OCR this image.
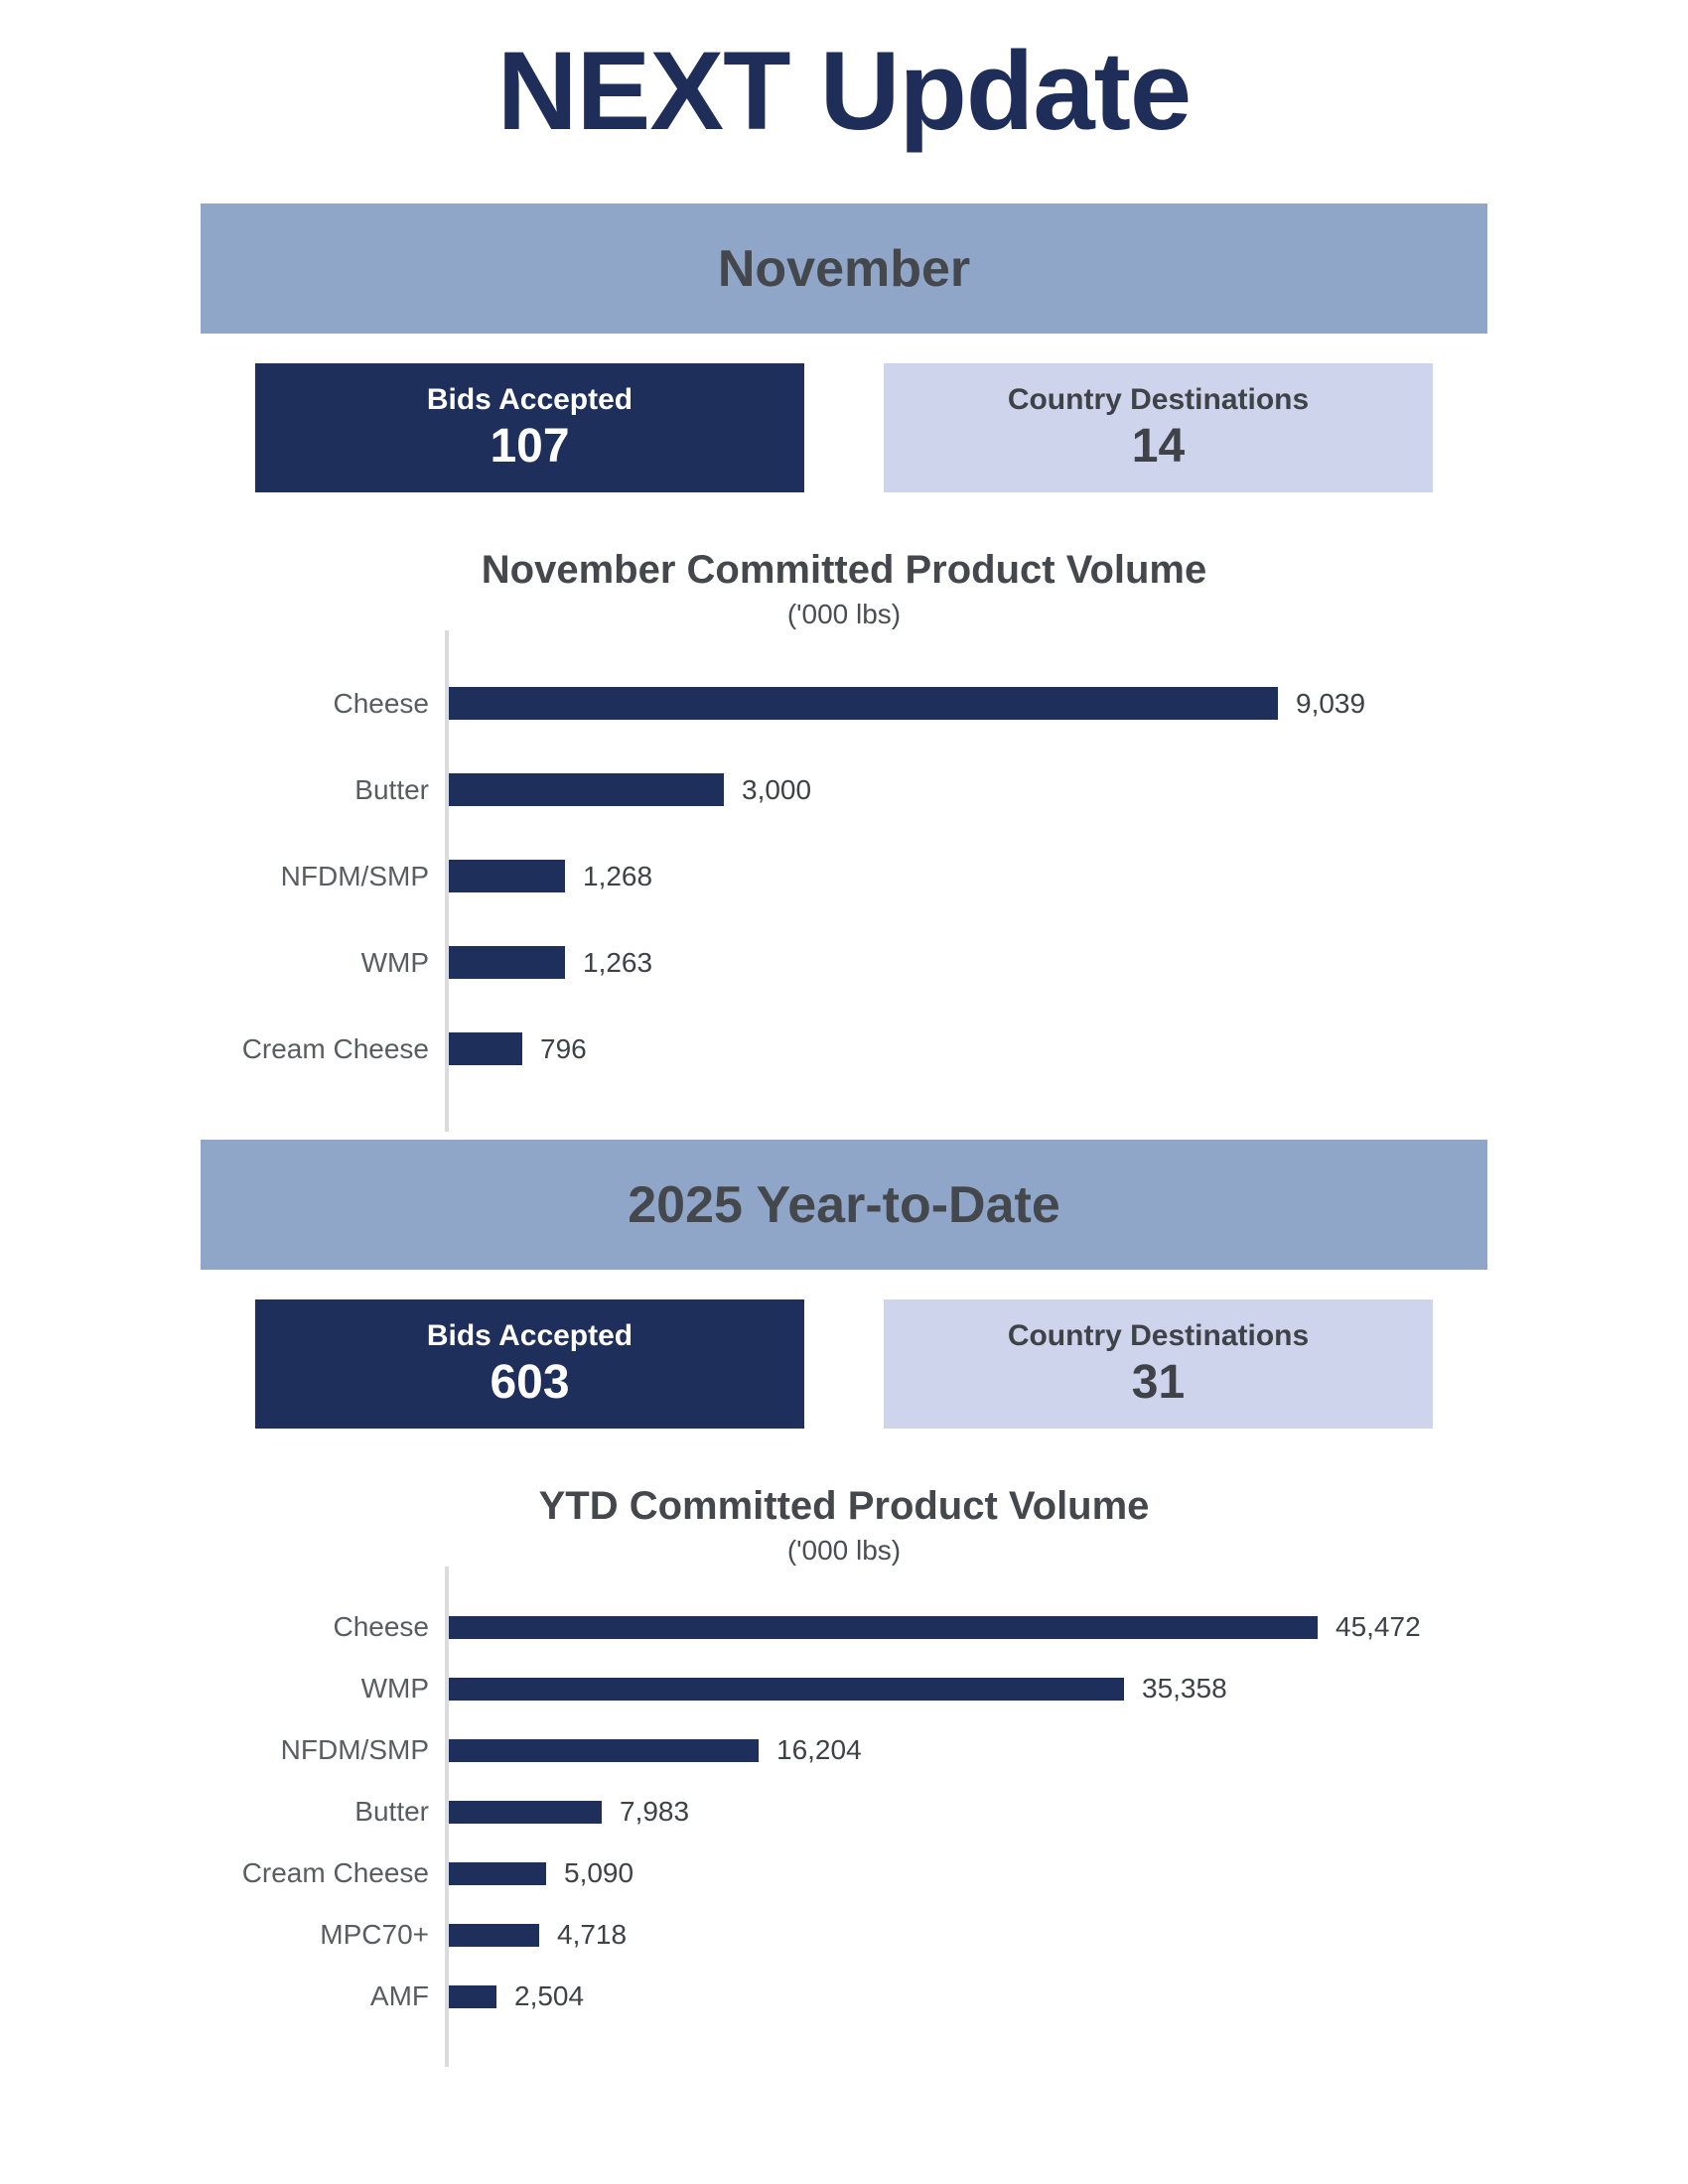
NEXT Update
November
Bids Accepted
107
Country Destinations
14
November Committed Product Volume
('000 lbs)
Cheese	9,039
Butter	3,000
NFDM/SMP	1,268
WMP	1,263
Cream Cheese	796
2025 Year-to-Date
Bids Accepted
603
Country Destinations
31
YTD Committed Product Volume
('000 lbs)
Cheese	45,472
WMP	35,358
NFDM/SMP	16,204
Butter	7,983
Cream Cheese	5,090
MPC70+	4,718
AMF	2,504
